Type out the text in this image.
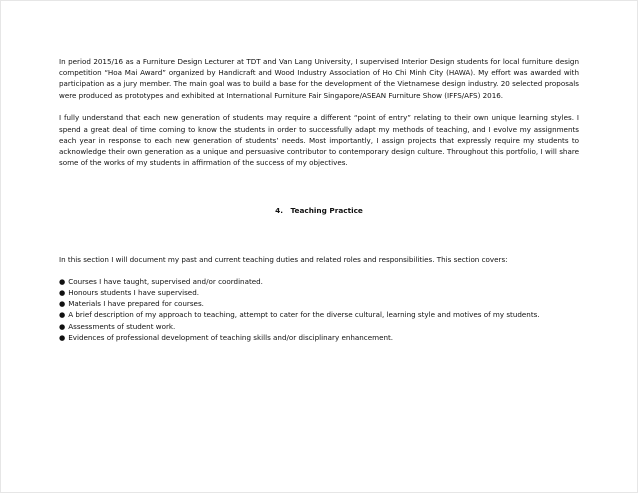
In period 2015/16 as a Furniture Design Lecturer at TDT and Van Lang University, I supervised Interior Design students for local furniture design competition “Hoa Mai Award” organized by Handicraft and Wood Industry Association of Ho Chi Minh City (HAWA). My effort was awarded with participation as a jury member. The main goal was to build a base for the development of the Vietnamese design industry. 20 selected proposals were produced as prototypes and exhibited at International Furniture Fair Singapore/ASEAN Furniture Show (IFFS/AFS) 2016.

I fully understand that each new generation of students may require a different “point of entry” relating to their own unique learning styles. I spend a great deal of time coming to know the students in order to successfully adapt my methods of teaching, and I evolve my assignments each year in response to each new generation of students’ needs. Most importantly, I assign projects that expressly require my students to acknowledge their own generation as a unique and persuasive contributor to contemporary design culture. Throughout this portfolio, I will share some of the works of my students in affirmation of the success of my objectives.

4. Teaching Practice

In this section I will document my past and current teaching duties and related roles and responsibilities. This section covers:

● Courses I have taught, supervised and/or coordinated.
● Honours students I have supervised.
● Materials I have prepared for courses.
● A brief description of my approach to teaching, attempt to cater for the diverse cultural, learning style and motives of my students.
● Assessments of student work.
● Evidences of professional development of teaching skills and/or disciplinary enhancement.
